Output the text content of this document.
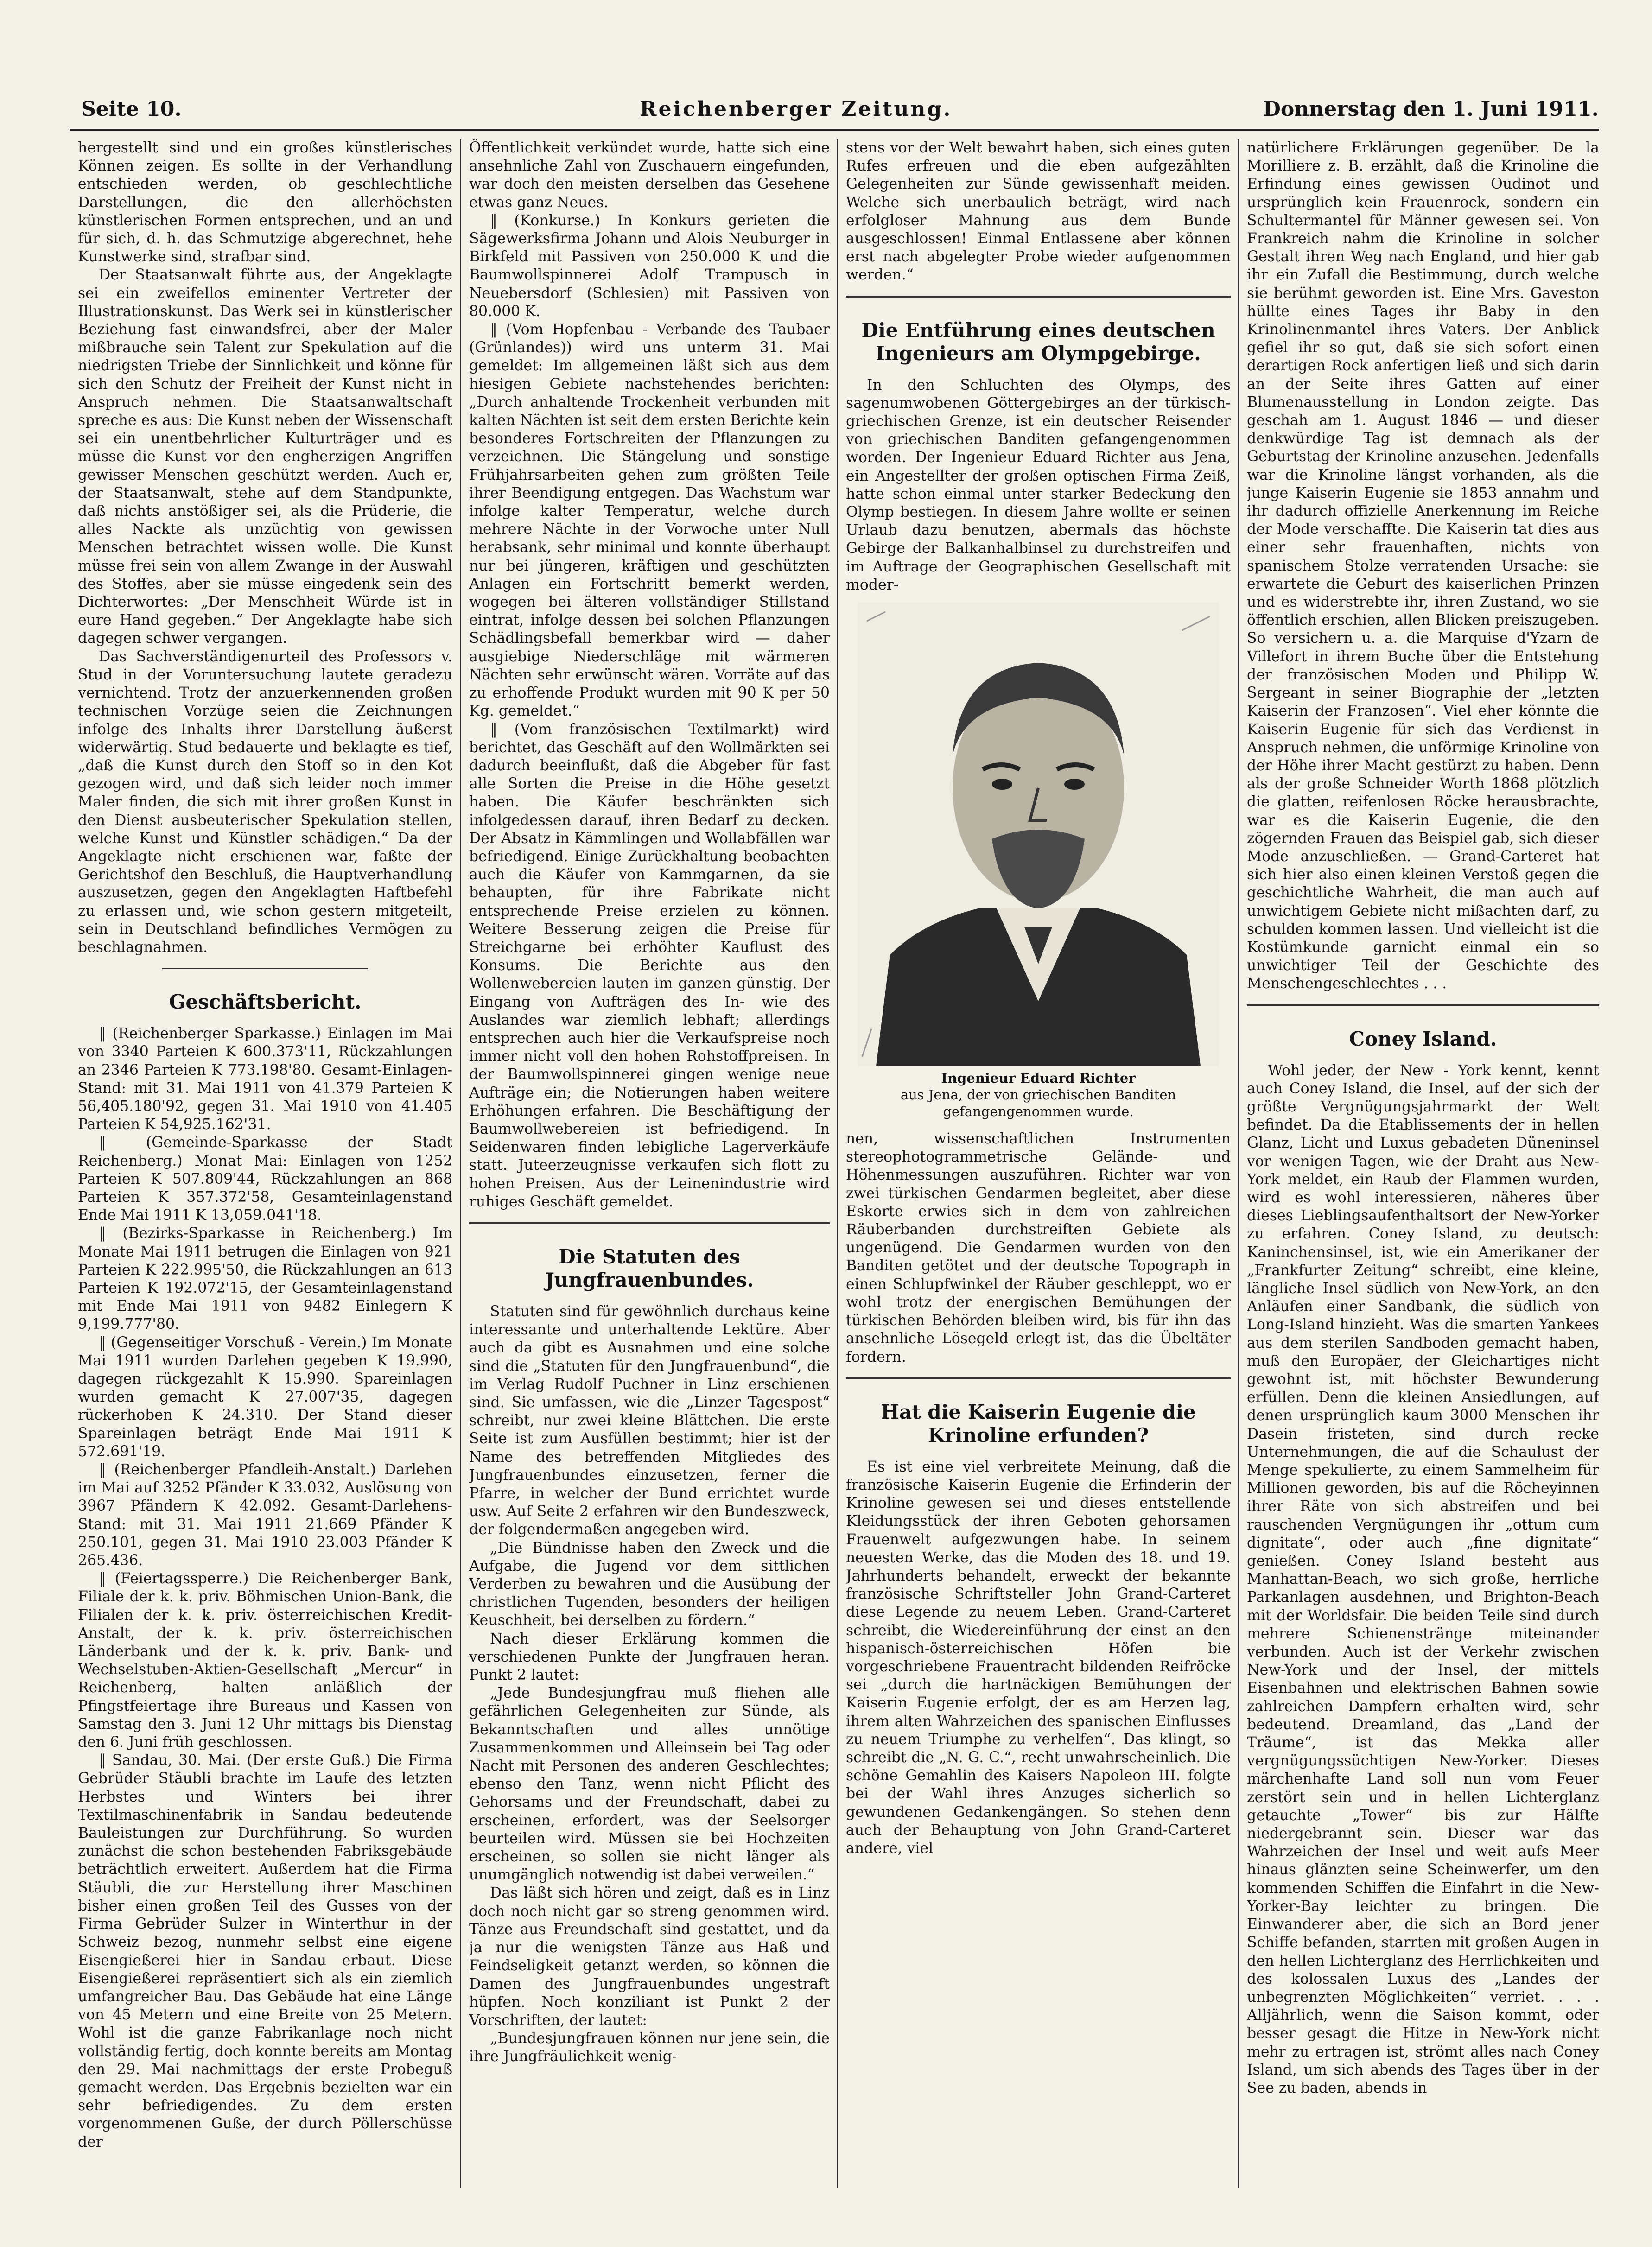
Seite 10.	Reichenberger Zeitung.	Donnerstag den 1. Juni 1911.

hergestellt sind und ein großes künstlerisches Können zeigen. Es sollte in der Verhandlung entschieden werden, ob geschlechtliche Darstellungen, die den allerhöchsten künstlerischen Formen entsprechen, und an und für sich, d. h. das Schmutzige abgerechnet, hehe Kunstwerke sind, strafbar sind.

Der Staatsanwalt führte aus, der Angeklagte sei ein zweifellos eminenter Vertreter der Illustrationskunst. Das Werk sei in künstlerischer Beziehung fast einwandsfrei, aber der Maler mißbrauche sein Talent zur Spekulation auf die niedrigsten Triebe der Sinnlichkeit und könne für sich den Schutz der Freiheit der Kunst nicht in Anspruch nehmen. Die Staatsanwaltschaft spreche es aus: Die Kunst neben der Wissenschaft sei ein unentbehrlicher Kulturträger und es müsse die Kunst vor den engherzigen Angriffen gewisser Menschen geschützt werden. Auch er, der Staatsanwalt, stehe auf dem Standpunkte, daß nichts anstößiger sei, als die Prüderie, die alles Nackte als unzüchtig von gewissen Menschen betrachtet wissen wolle. Die Kunst müsse frei sein von allem Zwange in der Auswahl des Stoffes, aber sie müsse eingedenk sein des Dichterwortes: „Der Menschheit Würde ist in eure Hand gegeben.“ Der Angeklagte habe sich dagegen schwer vergangen.

Das Sachverständigenurteil des Professors v. Stud in der Voruntersuchung lautete geradezu vernichtend. Trotz der anzuerkennenden großen technischen Vorzüge seien die Zeichnungen infolge des Inhalts ihrer Darstellung äußerst widerwärtig. Stud bedauerte und beklagte es tief, „daß die Kunst durch den Stoff so in den Kot gezogen wird, und daß sich leider noch immer Maler finden, die sich mit ihrer großen Kunst in den Dienst ausbeuterischer Spekulation stellen, welche Kunst und Künstler schädigen.“ Da der Angeklagte nicht erschienen war, faßte der Gerichtshof den Beschluß, die Hauptverhandlung auszusetzen, gegen den Angeklagten Haftbefehl zu erlassen und, wie schon gestern mitgeteilt, sein in Deutschland befindliches Vermögen zu beschlagnahmen.

Geschäftsbericht.

‖ (Reichenberger Sparkasse.) Einlagen im Mai von 3340 Parteien K 600.373'11, Rückzahlungen an 2346 Parteien K 773.198'80. Gesamt-Einlagen-Stand: mit 31. Mai 1911 von 41.379 Parteien K 56,405.180'92, gegen 31. Mai 1910 von 41.405 Parteien K 54,925.162'31.

‖ (Gemeinde-Sparkasse der Stadt Reichenberg.) Monat Mai: Einlagen von 1252 Parteien K 507.809'44, Rückzahlungen an 868 Parteien K 357.372'58, Gesamteinlagenstand Ende Mai 1911 K 13,059.041'18.

‖ (Bezirks-Sparkasse in Reichenberg.) Im Monate Mai 1911 betrugen die Einlagen von 921 Parteien K 222.995'50, die Rückzahlungen an 613 Parteien K 192.072'15, der Gesamteinlagenstand mit Ende Mai 1911 von 9482 Einlegern K 9,199.777'80.

‖ (Gegenseitiger Vorschuß - Verein.) Im Monate Mai 1911 wurden Darlehen gegeben K 19.990, dagegen rückgezahlt K 15.990. Spareinlagen wurden gemacht K 27.007'35, dagegen rückerhoben K 24.310. Der Stand dieser Spareinlagen beträgt Ende Mai 1911 K 572.691'19.

‖ (Reichenberger Pfandleih-Anstalt.) Darlehen im Mai auf 3252 Pfänder K 33.032, Auslösung von 3967 Pfändern K 42.092. Gesamt-Darlehens-Stand: mit 31. Mai 1911 21.669 Pfänder K 250.101, gegen 31. Mai 1910 23.003 Pfänder K 265.436.

‖ (Feiertagssperre.) Die Reichenberger Bank, Filiale der k. k. priv. Böhmischen Union-Bank, die Filialen der k. k. priv. österreichischen Kredit-Anstalt, der k. k. priv. österreichischen Länderbank und der k. k. priv. Bank- und Wechselstuben-Aktien-Gesellschaft „Mercur“ in Reichenberg, halten anläßlich der Pfingstfeiertage ihre Bureaus und Kassen von Samstag den 3. Juni 12 Uhr mittags bis Dienstag den 6. Juni früh geschlossen.

‖ Sandau, 30. Mai. (Der erste Guß.) Die Firma Gebrüder Stäubli brachte im Laufe des letzten Herbstes und Winters bei ihrer Textilmaschinenfabrik in Sandau bedeutende Bauleistungen zur Durchführung. So wurden zunächst die schon bestehenden Fabriksgebäude beträchtlich erweitert. Außerdem hat die Firma Stäubli, die zur Herstellung ihrer Maschinen bisher einen großen Teil des Gusses von der Firma Gebrüder Sulzer in Winterthur in der Schweiz bezog, nunmehr selbst eine eigene Eisengießerei hier in Sandau erbaut. Diese Eisengießerei repräsentiert sich als ein ziemlich umfangreicher Bau. Das Gebäude hat eine Länge von 45 Metern und eine Breite von 25 Metern. Wohl ist die ganze Fabrikanlage noch nicht vollständig fertig, doch konnte bereits am Montag den 29. Mai nachmittags der erste Probeguß gemacht werden. Das Ergebnis bezielten war ein sehr befriedigendes. Zu dem ersten vorgenommenen Guße, der durch Pöllerschüsse der

Öffentlichkeit verkündet wurde, hatte sich eine ansehnliche Zahl von Zuschauern eingefunden, war doch den meisten derselben das Gesehene etwas ganz Neues.

‖ (Konkurse.) In Konkurs gerieten die Sägewerksfirma Johann und Alois Neuburger in Birkfeld mit Passiven von 250.000 K und die Baumwollspinnerei Adolf Trampusch in Neuebersdorf (Schlesien) mit Passiven von 80.000 K.

‖ (Vom Hopfenbau - Verbande des Taubaer (Grünlandes)) wird uns unterm 31. Mai gemeldet: Im allgemeinen läßt sich aus dem hiesigen Gebiete nachstehendes berichten: „Durch anhaltende Trockenheit verbunden mit kalten Nächten ist seit dem ersten Berichte kein besonderes Fortschreiten der Pflanzungen zu verzeichnen. Die Stängelung und sonstige Frühjahrsarbeiten gehen zum größten Teile ihrer Beendigung entgegen. Das Wachstum war infolge kalter Temperatur, welche durch mehrere Nächte in der Vorwoche unter Null herabsank, sehr minimal und konnte überhaupt nur bei jüngeren, kräftigen und geschützten Anlagen ein Fortschritt bemerkt werden, wogegen bei älteren vollständiger Stillstand eintrat, infolge dessen bei solchen Pflanzungen Schädlingsbefall bemerkbar wird — daher ausgiebige Niederschläge mit wärmeren Nächten sehr erwünscht wären. Vorräte auf das zu erhoffende Produkt wurden mit 90 K per 50 Kg. gemeldet.“

‖ (Vom französischen Textilmarkt) wird berichtet, das Geschäft auf den Wollmärkten sei dadurch beeinflußt, daß die Abgeber für fast alle Sorten die Preise in die Höhe gesetzt haben. Die Käufer beschränkten sich infolgedessen darauf, ihren Bedarf zu decken. Der Absatz in Kämmlingen und Wollabfällen war befriedigend. Einige Zurückhaltung beobachten auch die Käufer von Kammgarnen, da sie behaupten, für ihre Fabrikate nicht entsprechende Preise erzielen zu können. Weitere Besserung zeigen die Preise für Streichgarne bei erhöhter Kauflust des Konsums. Die Berichte aus den Wollenwebereien lauten im ganzen günstig. Der Eingang von Aufträgen des In- wie des Auslandes war ziemlich lebhaft; allerdings entsprechen auch hier die Verkaufspreise noch immer nicht voll den hohen Rohstoffpreisen. In der Baumwollspinnerei gingen wenige neue Aufträge ein; die Notierungen haben weitere Erhöhungen erfahren. Die Beschäftigung der Baumwollwebereien ist befriedigend. In Seidenwaren finden lebigliche Lagerverkäufe statt. Juteerzeugnisse verkaufen sich flott zu hohen Preisen. Aus der Leinenindustrie wird ruhiges Geschäft gemeldet.

Die Statuten des Jungfrauenbundes.

Statuten sind für gewöhnlich durchaus keine interessante und unterhaltende Lektüre. Aber auch da gibt es Ausnahmen und eine solche sind die „Statuten für den Jungfrauenbund“, die im Verlag Rudolf Puchner in Linz erschienen sind. Sie umfassen, wie die „Linzer Tagespost“ schreibt, nur zwei kleine Blättchen. Die erste Seite ist zum Ausfüllen bestimmt; hier ist der Name des betreffenden Mitgliedes des Jungfrauenbundes einzusetzen, ferner die Pfarre, in welcher der Bund errichtet wurde usw. Auf Seite 2 erfahren wir den Bundeszweck, der folgendermaßen angegeben wird.

„Die Bündnisse haben den Zweck und die Aufgabe, die Jugend vor dem sittlichen Verderben zu bewahren und die Ausübung der christlichen Tugenden, besonders der heiligen Keuschheit, bei derselben zu fördern.“

Nach dieser Erklärung kommen die verschiedenen Punkte der Jungfrauen heran. Punkt 2 lautet:

„Jede Bundesjungfrau muß fliehen alle gefährlichen Gelegenheiten zur Sünde, als Bekanntschaften und alles unnötige Zusammenkommen und Alleinsein bei Tag oder Nacht mit Personen des anderen Geschlechtes; ebenso den Tanz, wenn nicht Pflicht des Gehorsams und der Freundschaft, dabei zu erscheinen, erfordert, was der Seelsorger beurteilen wird. Müssen sie bei Hochzeiten erscheinen, so sollen sie nicht länger als unumgänglich notwendig ist dabei verweilen.“

Das läßt sich hören und zeigt, daß es in Linz doch noch nicht gar so streng genommen wird. Tänze aus Freundschaft sind gestattet, und da ja nur die wenigsten Tänze aus Haß und Feindseligkeit getanzt werden, so können die Damen des Jungfrauenbundes ungestraft hüpfen. Noch konziliant ist Punkt 2 der Vorschriften, der lautet:

„Bundesjungfrauen können nur jene sein, die ihre Jungfräulichkeit wenig-

stens vor der Welt bewahrt haben, sich eines guten Rufes erfreuen und die eben aufgezählten Gelegenheiten zur Sünde gewissenhaft meiden. Welche sich unerbaulich beträgt, wird nach erfolgloser Mahnung aus dem Bunde ausgeschlossen! Einmal Entlassene aber können erst nach abgelegter Probe wieder aufgenommen werden.“

Die Entführung eines deutschen Ingenieurs am Olympgebirge.

In den Schluchten des Olymps, des sagenumwobenen Göttergebirges an der türkisch-griechischen Grenze, ist ein deutscher Reisender von griechischen Banditen gefangengenommen worden. Der Ingenieur Eduard Richter aus Jena, ein Angestellter der großen optischen Firma Zeiß, hatte schon einmal unter starker Bedeckung den Olymp bestiegen. In diesem Jahre wollte er seinen Urlaub dazu benutzen, abermals das höchste Gebirge der Balkanhalbinsel zu durchstreifen und im Auftrage der Geographischen Gesellschaft mit moder-

Ingenieur Eduard Richter
aus Jena, der von griechischen Banditen gefangengenommen wurde.

nen, wissenschaftlichen Instrumenten stereophotogrammetrische Gelände- und Höhenmessungen auszuführen. Richter war von zwei türkischen Gendarmen begleitet, aber diese Eskorte erwies sich in dem von zahlreichen Räuberbanden durchstreiften Gebiete als ungenügend. Die Gendarmen wurden von den Banditen getötet und der deutsche Topograph in einen Schlupfwinkel der Räuber geschleppt, wo er wohl trotz der energischen Bemühungen der türkischen Behörden bleiben wird, bis für ihn das ansehnliche Lösegeld erlegt ist, das die Übeltäter fordern.

Hat die Kaiserin Eugenie die Krinoline erfunden?

Es ist eine viel verbreitete Meinung, daß die französische Kaiserin Eugenie die Erfinderin der Krinoline gewesen sei und dieses entstellende Kleidungsstück der ihren Geboten gehorsamen Frauenwelt aufgezwungen habe. In seinem neuesten Werke, das die Moden des 18. und 19. Jahrhunderts behandelt, erweckt der bekannte französische Schriftsteller John Grand-Carteret diese Legende zu neuem Leben. Grand-Carteret schreibt, die Wiedereinführung der einst an den hispanisch-österreichischen Höfen bie vorgeschriebene Frauentracht bildenden Reifröcke sei „durch die hartnäckigen Bemühungen der Kaiserin Eugenie erfolgt, der es am Herzen lag, ihrem alten Wahrzeichen des spanischen Einflusses zu neuem Triumphe zu verhelfen“. Das klingt, so schreibt die „N. G. C.“, recht unwahrscheinlich. Die schöne Gemahlin des Kaisers Napoleon III. folgte bei der Wahl ihres Anzuges sicherlich so gewundenen Gedankengängen. So stehen denn auch der Behauptung von John Grand-Carteret andere, viel

natürlichere Erklärungen gegenüber. De la Morilliere z. B. erzählt, daß die Krinoline die Erfindung eines gewissen Oudinot und ursprünglich kein Frauenrock, sondern ein Schultermantel für Männer gewesen sei. Von Frankreich nahm die Krinoline in solcher Gestalt ihren Weg nach England, und hier gab ihr ein Zufall die Bestimmung, durch welche sie berühmt geworden ist. Eine Mrs. Gaveston hüllte eines Tages ihr Baby in den Krinolinenmantel ihres Vaters. Der Anblick gefiel ihr so gut, daß sie sich sofort einen derartigen Rock anfertigen ließ und sich darin an der Seite ihres Gatten auf einer Blumenausstellung in London zeigte. Das geschah am 1. August 1846 — und dieser denkwürdige Tag ist demnach als der Geburtstag der Krinoline anzusehen. Jedenfalls war die Krinoline längst vorhanden, als die junge Kaiserin Eugenie sie 1853 annahm und ihr dadurch offizielle Anerkennung im Reiche der Mode verschaffte. Die Kaiserin tat dies aus einer sehr frauenhaften, nichts von spanischem Stolze verratenden Ursache: sie erwartete die Geburt des kaiserlichen Prinzen und es widerstrebte ihr, ihren Zustand, wo sie öffentlich erschien, allen Blicken preiszugeben. So versichern u. a. die Marquise d'Yzarn de Villefort in ihrem Buche über die Entstehung der französischen Moden und Philipp W. Sergeant in seiner Biographie der „letzten Kaiserin der Franzosen“. Viel eher könnte die Kaiserin Eugenie für sich das Verdienst in Anspruch nehmen, die unförmige Krinoline von der Höhe ihrer Macht gestürzt zu haben. Denn als der große Schneider Worth 1868 plötzlich die glatten, reifenlosen Röcke herausbrachte, war es die Kaiserin Eugenie, die den zögernden Frauen das Beispiel gab, sich dieser Mode anzuschließen. — Grand-Carteret hat sich hier also einen kleinen Verstoß gegen die geschichtliche Wahrheit, die man auch auf unwichtigem Gebiete nicht mißachten darf, zu schulden kommen lassen. Und vielleicht ist die Kostümkunde garnicht einmal ein so unwichtiger Teil der Geschichte des Menschengeschlechtes . . .

Coney Island.

Wohl jeder, der New - York kennt, kennt auch Coney Island, die Insel, auf der sich der größte Vergnügungsjahrmarkt der Welt befindet. Da die Etablissements der in hellen Glanz, Licht und Luxus gebadeten Düneninsel vor wenigen Tagen, wie der Draht aus New-York meldet, ein Raub der Flammen wurden, wird es wohl interessieren, näheres über dieses Lieblingsaufenthaltsort der New-Yorker zu erfahren. Coney Island, zu deutsch: Kaninchensinsel, ist, wie ein Amerikaner der „Frankfurter Zeitung“ schreibt, eine kleine, längliche Insel südlich von New-York, an den Anläufen einer Sandbank, die südlich von Long-Island hinzieht. Was die smarten Yankees aus dem sterilen Sandboden gemacht haben, muß den Europäer, der Gleichartiges nicht gewohnt ist, mit höchster Bewunderung erfüllen. Denn die kleinen Ansiedlungen, auf denen ursprünglich kaum 3000 Menschen ihr Dasein fristeten, sind durch recke Unternehmungen, die auf die Schaulust der Menge spekulierte, zu einem Sammelheim für Millionen geworden, bis auf die Röcheyinnen ihrer Räte von sich abstreifen und bei rauschenden Vergnügungen ihr „ottum cum dignitate“, oder auch „fine dignitate“ genießen. Coney Island besteht aus Manhattan-Beach, wo sich große, herrliche Parkanlagen ausdehnen, und Brighton-Beach mit der Worldsfair. Die beiden Teile sind durch mehrere Schienenstränge miteinander verbunden. Auch ist der Verkehr zwischen New-York und der Insel, der mittels Eisenbahnen und elektrischen Bahnen sowie zahlreichen Dampfern erhalten wird, sehr bedeutend. Dreamland, das „Land der Träume“, ist das Mekka aller vergnügungssüchtigen New-Yorker. Dieses märchenhafte Land soll nun vom Feuer zerstört sein und in hellen Lichterglanz getauchte „Tower“ bis zur Hälfte niedergebrannt sein. Dieser war das Wahrzeichen der Insel und weit aufs Meer hinaus glänzten seine Scheinwerfer, um den kommenden Schiffen die Einfahrt in die New-Yorker-Bay leichter zu bringen. Die Einwanderer aber, die sich an Bord jener Schiffe befanden, starrten mit großen Augen in den hellen Lichterglanz des Herrlichkeiten und des kolossalen Luxus des „Landes der unbegrenzten Möglichkeiten“ verriet. . . . Alljährlich, wenn die Saison kommt, oder besser gesagt die Hitze in New-York nicht mehr zu ertragen ist, strömt alles nach Coney Island, um sich abends des Tages über in der See zu baden, abends in
